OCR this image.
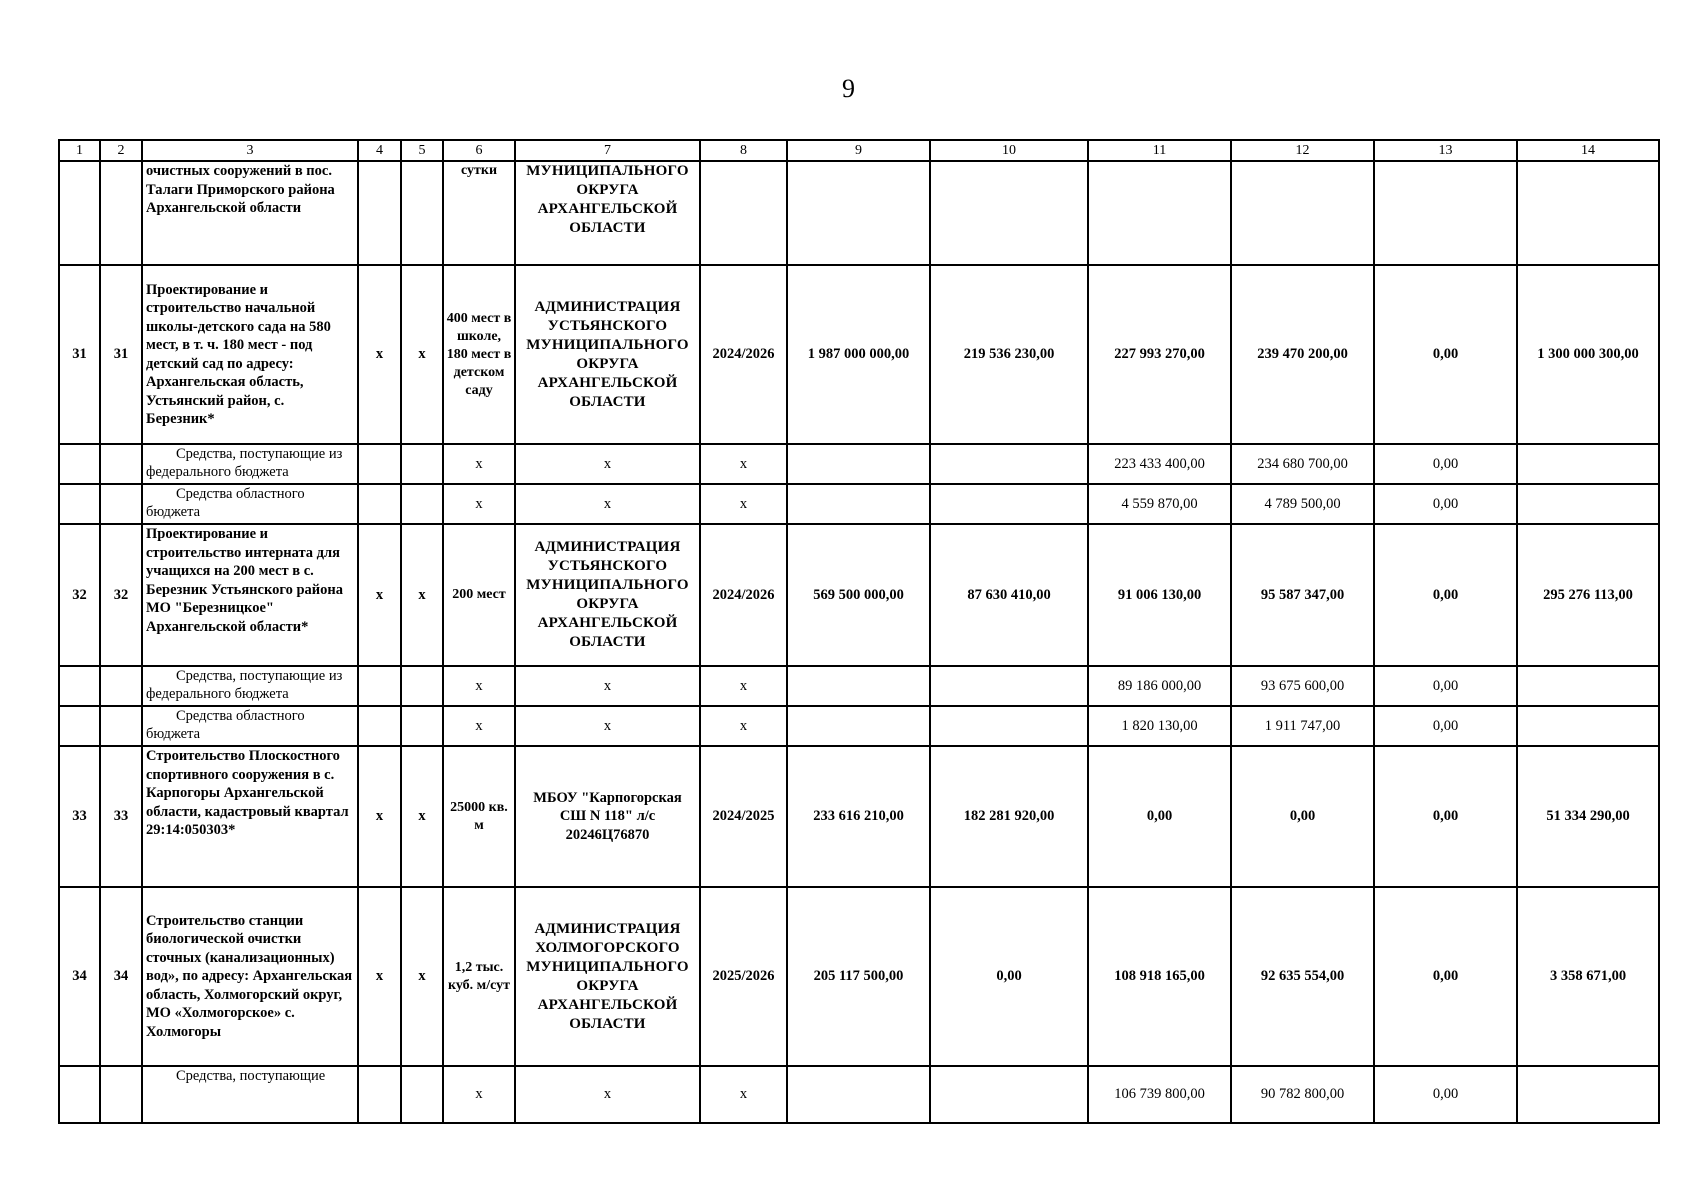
9
1	2	3	4	5	6	7	8	9	10	11	12	13	14
		очистных сооружений в пос. Талаги Приморского района Архангельской области			сутки	МУНИЦИПАЛЬНОГО ОКРУГА АРХАНГЕЛЬСКОЙ ОБЛАСТИ							
31	31	Проектирование и строительство начальной школы-детского сада на 580 мест, в т. ч. 180 мест - под детский сад по адресу: Архангельская область, Устьянский район, с. Березник*	х	х	400 мест в школе, 180 мест в детском саду	АДМИНИСТРАЦИЯ УСТЬЯНСКОГО МУНИЦИПАЛЬНОГО ОКРУГА АРХАНГЕЛЬСКОЙ ОБЛАСТИ	2024/2026	1 987 000 000,00	219 536 230,00	227 993 270,00	239 470 200,00	0,00	1 300 000 300,00

		Средства, поступающие из федерального бюджета			х	х	х			223 433 400,00	234 680 700,00	0,00	

		Средства областного бюджета			х	х	х			4 559 870,00	4 789 500,00	0,00	
32	32	Проектирование и строительство интерната для учащихся на 200 мест в с. Березник Устьянского района МО "Березницкое" Архангельской области*	х	х	200 мест	АДМИНИСТРАЦИЯ УСТЬЯНСКОГО МУНИЦИПАЛЬНОГО ОКРУГА АРХАНГЕЛЬСКОЙ ОБЛАСТИ	2024/2026	569 500 000,00	87 630 410,00	91 006 130,00	95 587 347,00	0,00	295 276 113,00

		Средства, поступающие из федерального бюджета			х	х	х			89 186 000,00	93 675 600,00	0,00	

		Средства областного бюджета			х	х	х			1 820 130,00	1 911 747,00	0,00	
33	33	Строительство Плоскостного спортивного сооружения в с. Карпогоры Архангельской области, кадастровый квартал 29:14:050303*	х	х	25000 кв. м	МБОУ "Карпогорская СШ N 118" л/с 20246Ц76870	2024/2025	233 616 210,00	182 281 920,00	0,00	0,00	0,00	51 334 290,00
34	34	Строительство станции биологической очистки сточных (канализационных) вод», по адресу: Архангельская область, Холмогорский округ, МО «Холмогорское» с. Холмогоры	х	х	1,2 тыс. куб. м/сут	АДМИНИСТРАЦИЯ ХОЛМОГОРСКОГО МУНИЦИПАЛЬНОГО ОКРУГА АРХАНГЕЛЬСКОЙ ОБЛАСТИ	2025/2026	205 117 500,00	0,00	108 918 165,00	92 635 554,00	0,00	3 358 671,00

		Средства, поступающие			х	х	х			106 739 800,00	90 782 800,00	0,00	
